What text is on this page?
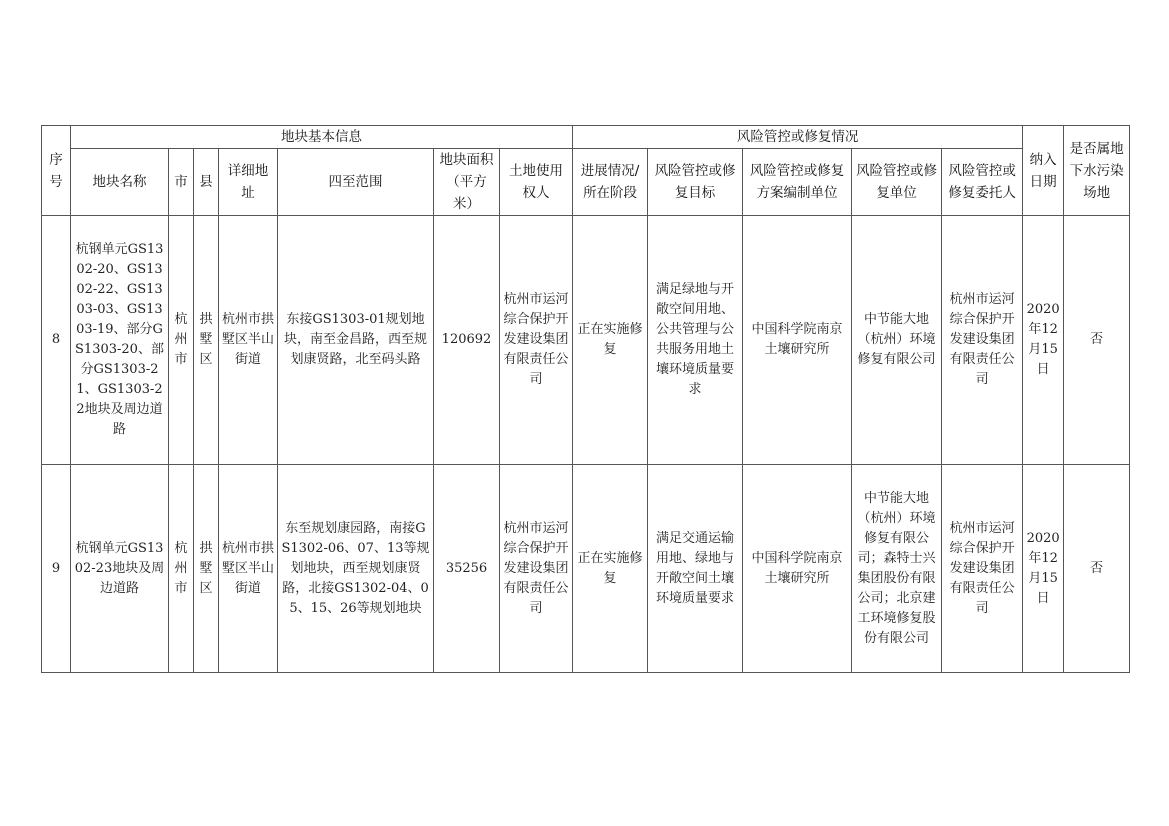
序号	地块基本信息							风险管控或修复情况					纳入日期	是否属地下水污染场地
	地块名称	市	县	详细地址	四至范围	地块面积（平方米）	土地使用权人	进展情况/所在阶段	风险管控或修复目标	风险管控或修复方案编制单位	风险管控或修复单位	风险管控或修复委托人		
8	杭钢单元GS1302-20、GS1302-22、GS1303-03、GS1303-19、部分GS1303-20、部分GS1303-21、GS1303-22地块及周边道路	杭州市	拱墅区	杭州市拱墅区半山街道	东接GS1303-01规划地块，南至金昌路，西至规划康贤路，北至码头路	120692	杭州市运河综合保护开发建设集团有限责任公司	正在实施修复	满足绿地与开敞空间用地、公共管理与公共服务用地土壤环境质量要求	中国科学院南京土壤研究所	中节能大地（杭州）环境修复有限公司	杭州市运河综合保护开发建设集团有限责任公司	2020年12月15日	否
9	杭钢单元GS1302-23地块及周边道路	杭州市	拱墅区	杭州市拱墅区半山街道	东至规划康园路，南接GS1302-06、07、13等规划地块，西至规划康贤路，北接GS1302-04、05、15、26等规划地块	35256	杭州市运河综合保护开发建设集团有限责任公司	正在实施修复	满足交通运输用地、绿地与开敞空间土壤环境质量要求	中国科学院南京土壤研究所	中节能大地（杭州）环境修复有限公司；森特士兴集团股份有限公司；北京建工环境修复股份有限公司	杭州市运河综合保护开发建设集团有限责任公司	2020年12月15日	否
